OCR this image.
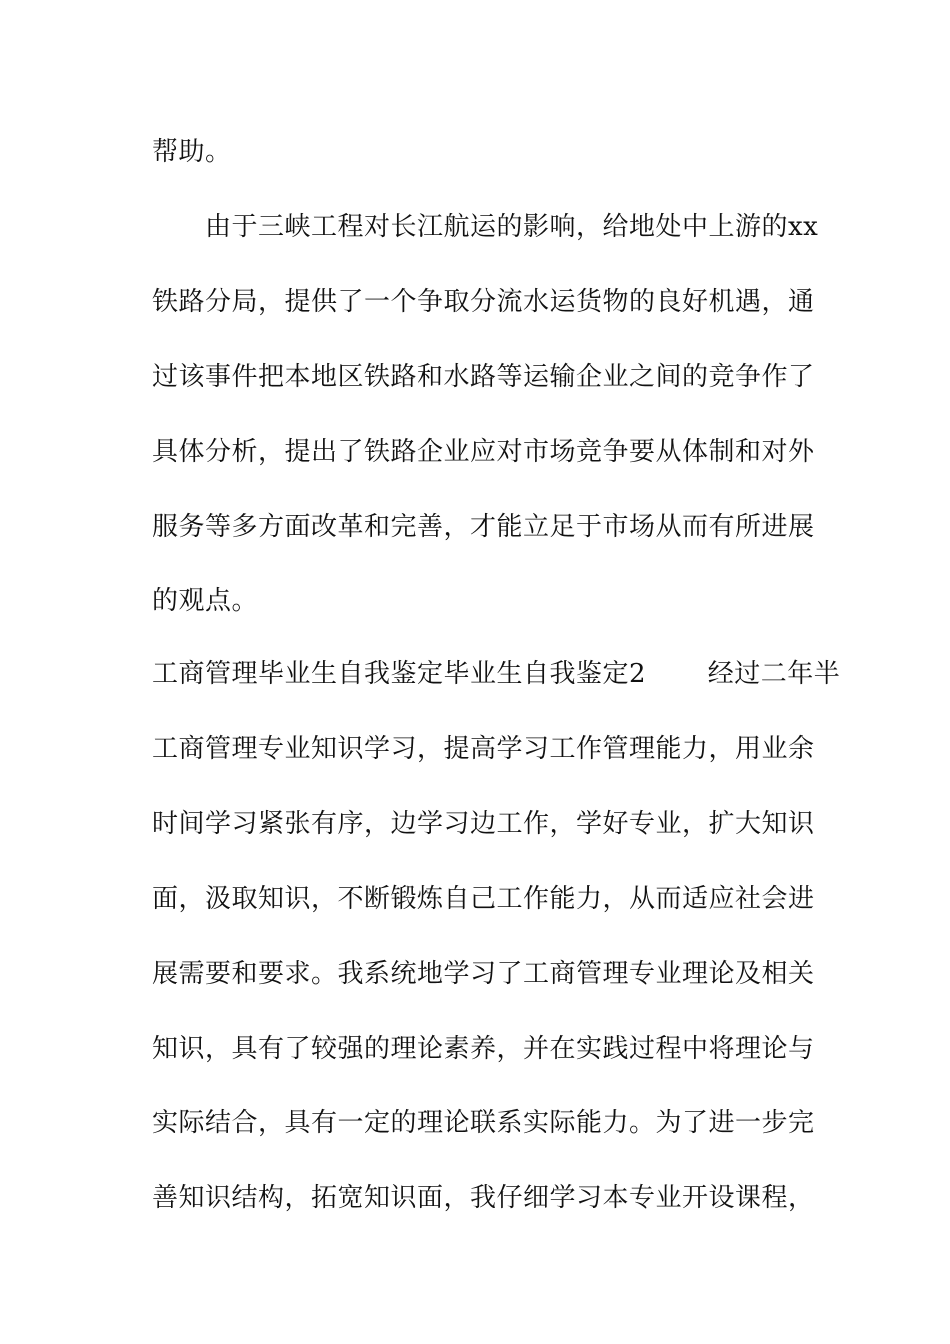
帮助。
　　由于三峡工程对长江航运的影响，给地处中上游的xx
铁路分局，提供了一个争取分流水运货物的良好机遇，通
过该事件把本地区铁路和水路等运输企业之间的竞争作了
具体分析，提出了铁路企业应对市场竞争要从体制和对外
服务等多方面改革和完善，才能立足于市场从而有所进展
的观点。
工商管理毕业生自我鉴定毕业生自我鉴定2　　 经过二年半
工商管理专业知识学习，提高学习工作管理能力，用业余
时间学习紧张有序，边学习边工作，学好专业，扩大知识
面，汲取知识，不断锻炼自己工作能力，从而适应社会进
展需要和要求。我系统地学习了工商管理专业理论及相关
知识，具有了较强的理论素养，并在实践过程中将理论与
实际结合，具有一定的理论联系实际能力。为了进一步完
善知识结构，拓宽知识面，我仔细学习本专业开设课程，
